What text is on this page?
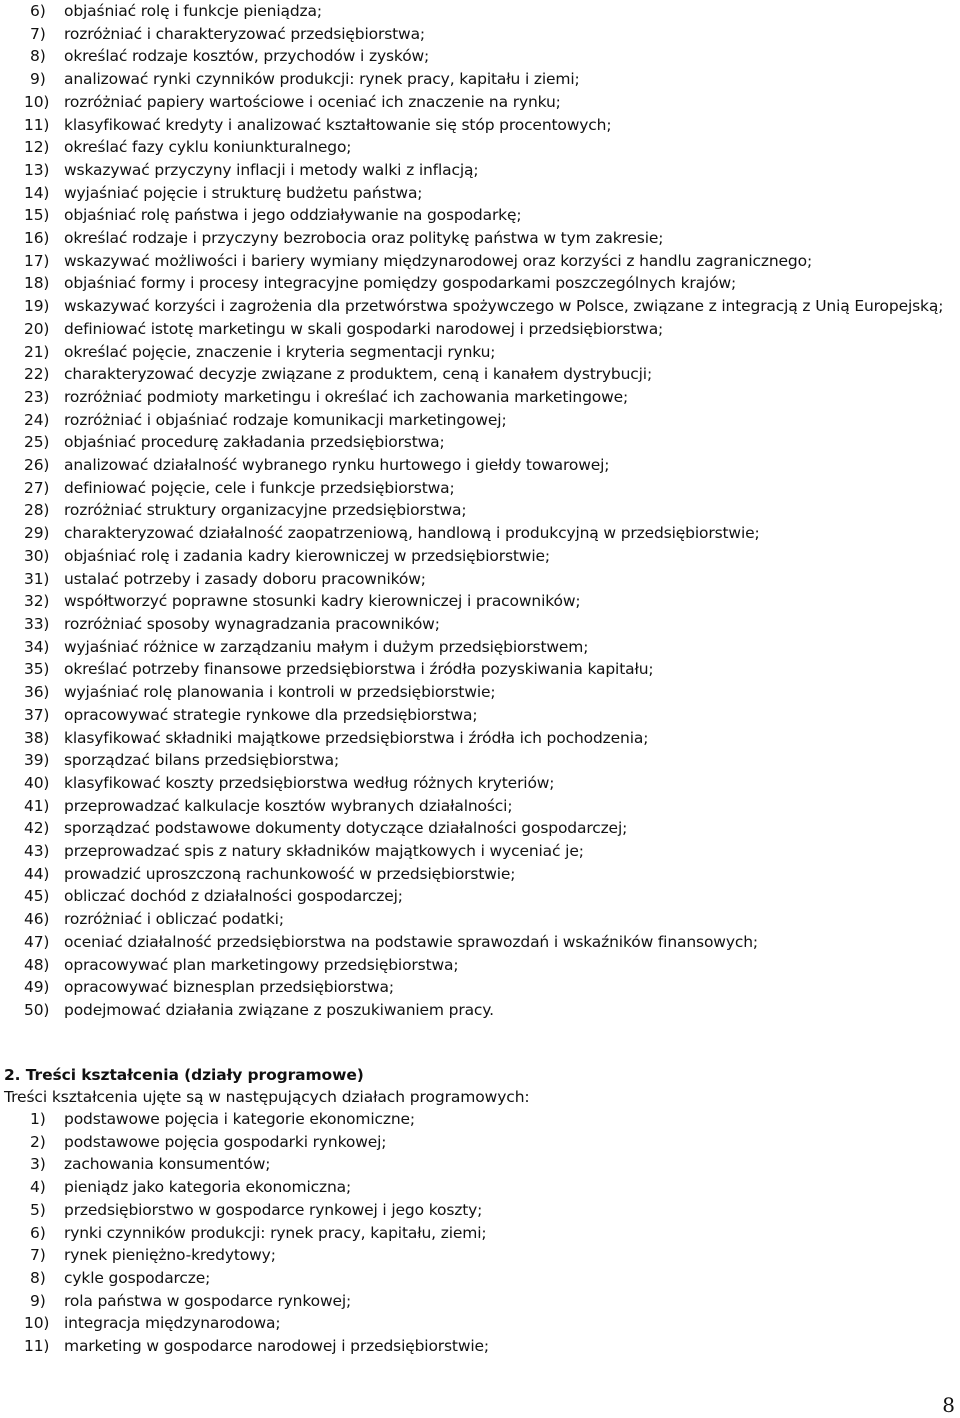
6) objaśniać rolę i funkcje pieniądza;
7) rozróżniać i charakteryzować przedsiębiorstwa;
8) określać rodzaje kosztów, przychodów i zysków;
9) analizować rynki czynników produkcji: rynek pracy, kapitału i ziemi;
10) rozróżniać papiery wartościowe i oceniać ich znaczenie na rynku;
11) klasyfikować kredyty i analizować kształtowanie się stóp procentowych;
12) określać fazy cyklu koniunkturalnego;
13) wskazywać przyczyny inflacji i metody walki z inflacją;
14) wyjaśniać pojęcie i strukturę budżetu państwa;
15) objaśniać rolę państwa i jego oddziaływanie na gospodarkę;
16) określać rodzaje i przyczyny bezrobocia oraz politykę państwa w tym zakresie;
17) wskazywać możliwości i bariery wymiany międzynarodowej oraz korzyści z handlu zagranicznego;
18) objaśniać formy i procesy integracyjne pomiędzy gospodarkami poszczególnych krajów;
19) wskazywać korzyści i zagrożenia dla przetwórstwa spożywczego w Polsce, związane z integracją z Unią Europejską;
20) definiować istotę marketingu w skali gospodarki narodowej i przedsiębiorstwa;
21) określać pojęcie, znaczenie i kryteria segmentacji rynku;
22) charakteryzować decyzje związane z produktem, ceną i kanałem dystrybucji;
23) rozróżniać podmioty marketingu i określać ich zachowania marketingowe;
24) rozróżniać i objaśniać rodzaje komunikacji marketingowej;
25) objaśniać procedurę zakładania przedsiębiorstwa;
26) analizować działalność wybranego rynku hurtowego i giełdy towarowej;
27) definiować pojęcie, cele i funkcje przedsiębiorstwa;
28) rozróżniać struktury organizacyjne przedsiębiorstwa;
29) charakteryzować działalność zaopatrzeniową, handlową i produkcyjną w przedsiębiorstwie;
30) objaśniać rolę i zadania kadry kierowniczej w przedsiębiorstwie;
31) ustalać potrzeby i zasady doboru pracowników;
32) współtworzyć poprawne stosunki kadry kierowniczej i pracowników;
33) rozróżniać sposoby wynagradzania pracowników;
34) wyjaśniać różnice w zarządzaniu małym i dużym przedsiębiorstwem;
35) określać potrzeby finansowe przedsiębiorstwa i źródła pozyskiwania kapitału;
36) wyjaśniać rolę planowania i kontroli w przedsiębiorstwie;
37) opracowywać strategie rynkowe dla przedsiębiorstwa;
38) klasyfikować składniki majątkowe przedsiębiorstwa i źródła ich pochodzenia;
39) sporządzać bilans przedsiębiorstwa;
40) klasyfikować koszty przedsiębiorstwa według różnych kryteriów;
41) przeprowadzać kalkulacje kosztów wybranych działalności;
42) sporządzać podstawowe dokumenty dotyczące działalności gospodarczej;
43) przeprowadzać spis z natury składników majątkowych i wyceniać je;
44) prowadzić uproszczoną rachunkowość w przedsiębiorstwie;
45) obliczać dochód z działalności gospodarczej;
46) rozróżniać i obliczać podatki;
47) oceniać działalność przedsiębiorstwa na podstawie sprawozdań i wskaźników finansowych;
48) opracowywać plan marketingowy przedsiębiorstwa;
49) opracowywać biznesplan przedsiębiorstwa;
50) podejmować działania związane z poszukiwaniem pracy.
2. Treści kształcenia (działy programowe)
Treści kształcenia ujęte są w następujących działach programowych:
1) podstawowe pojęcia i kategorie ekonomiczne;
2) podstawowe pojęcia gospodarki rynkowej;
3) zachowania konsumentów;
4) pieniądz jako kategoria ekonomiczna;
5) przedsiębiorstwo w gospodarce rynkowej i jego koszty;
6) rynki czynników produkcji: rynek pracy, kapitału, ziemi;
7) rynek pieniężno-kredytowy;
8) cykle gospodarcze;
9) rola państwa w gospodarce rynkowej;
10) integracja międzynarodowa;
11) marketing w gospodarce narodowej i przedsiębiorstwie;
8
